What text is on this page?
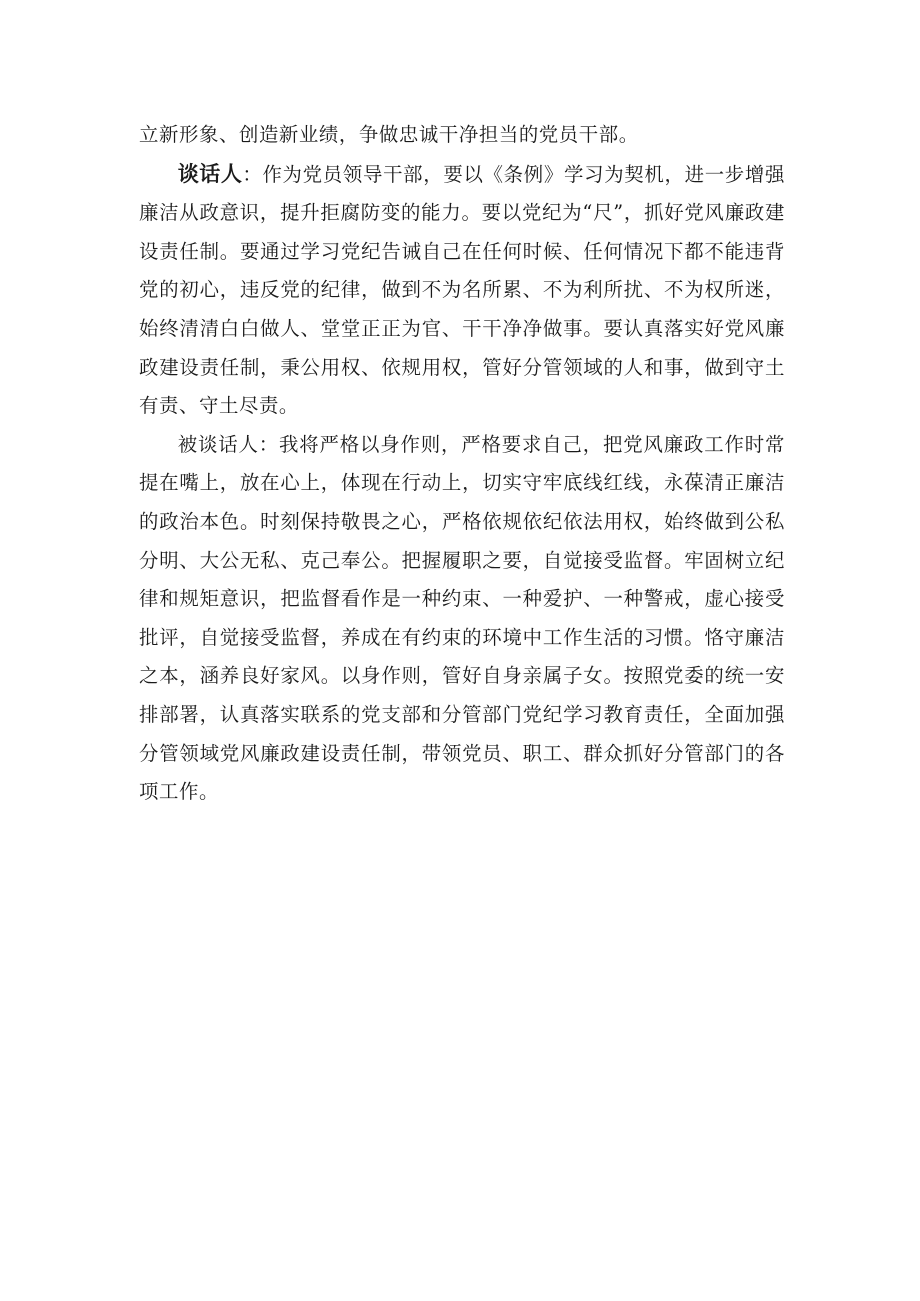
立新形象、创造新业绩，争做忠诚干净担当的党员干部。

谈话人：作为党员领导干部，要以《条例》学习为契机，进一步增强廉洁从政意识，提升拒腐防变的能力。要以党纪为“尺”，抓好党风廉政建设责任制。要通过学习党纪告诫自己在任何时候、任何情况下都不能违背党的初心，违反党的纪律，做到不为名所累、不为利所扰、不为权所迷，始终清清白白做人、堂堂正正为官、干干净净做事。要认真落实好党风廉政建设责任制，秉公用权、依规用权，管好分管领域的人和事，做到守土有责、守土尽责。

被谈话人：我将严格以身作则，严格要求自己，把党风廉政工作时常提在嘴上，放在心上，体现在行动上，切实守牢底线红线，永葆清正廉洁的政治本色。时刻保持敬畏之心，严格依规依纪依法用权，始终做到公私分明、大公无私、克己奉公。把握履职之要，自觉接受监督。牢固树立纪律和规矩意识，把监督看作是一种约束、一种爱护、一种警戒，虚心接受批评，自觉接受监督，养成在有约束的环境中工作生活的习惯。恪守廉洁之本，涵养良好家风。以身作则，管好自身亲属子女。按照党委的统一安排部署，认真落实联系的党支部和分管部门党纪学习教育责任，全面加强分管领域党风廉政建设责任制，带领党员、职工、群众抓好分管部门的各项工作。
